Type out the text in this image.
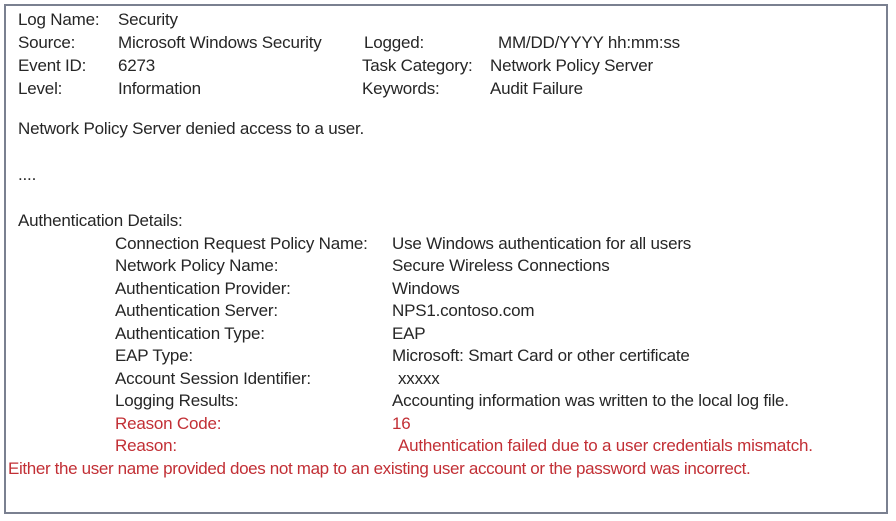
Log Name: Security
Source:	Microsoft Windows Security Logged:	MM/DD/YYYY hh:mm:ss
Event ID: 6273	Task Category: Network Policy Server
Level:	Information	Keywords:	Audit Failure
Network Policy Server denied access to a user.
....
Authentication Details:
Connection Request Policy Name: Use Windows authentication for all users
Network Policy Name:	Secure Wireless Connections
Authentication Provider:	Windows
Authentication Server:	NPS1.contoso.com
Authentication Type:	EAP
EAP Type:	Microsoft: Smart Card or other certificate
Account Session Identifier:	xxxxx
Logging Results:	Accounting information was written to the local log file.
Reason Code:	16
Reason:	Authentication failed due to a user credentials mismatch.
Either the user name provided does not map to an existing user account or the password was incorrect.
